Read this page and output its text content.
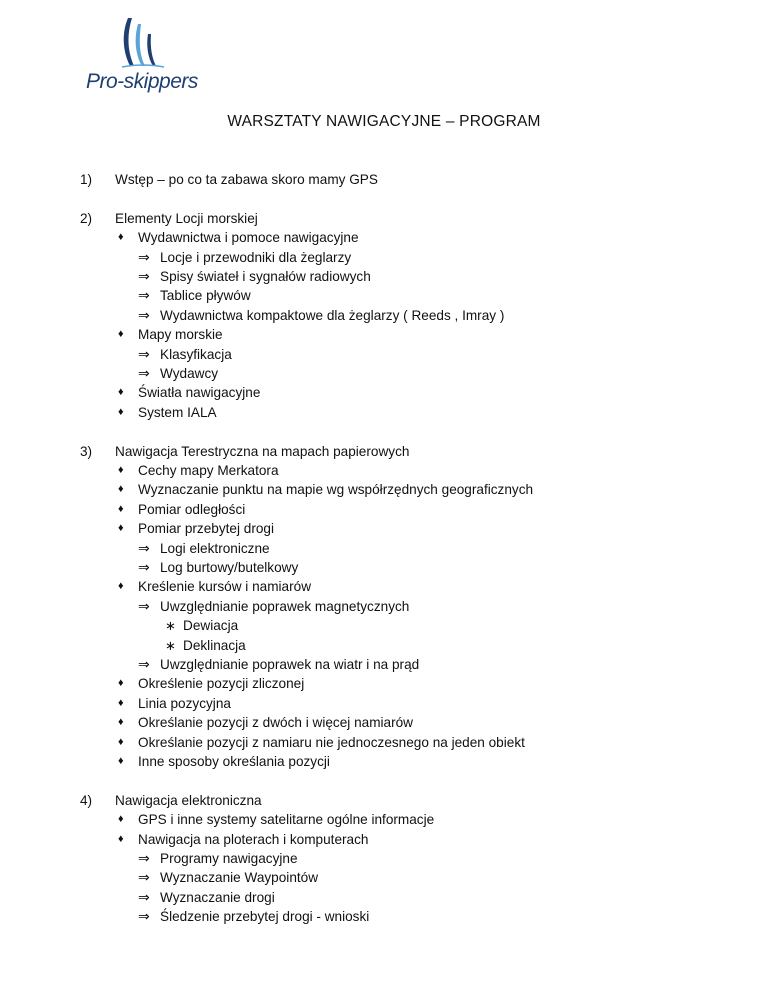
Pro-skippers
WARSZTATY NAWIGACYJNE – PROGRAM
1) Wstęp – po co ta zabawa skoro mamy GPS
2) Elementy Locji morskiej
♦ Wydawnictwa i pomoce nawigacyjne
⇒ Locje i przewodniki dla żeglarzy
⇒ Spisy świateł i sygnałów radiowych
⇒ Tablice pływów
⇒ Wydawnictwa kompaktowe dla żeglarzy ( Reeds , Imray )
♦ Mapy morskie
⇒ Klasyfikacja
⇒ Wydawcy
♦ Światła nawigacyjne
♦ System IALA
3) Nawigacja Terestryczna na mapach papierowych
♦ Cechy mapy Merkatora
♦ Wyznaczanie punktu na mapie wg współrzędnych geograficznych
♦ Pomiar odległości
♦ Pomiar przebytej drogi
⇒ Logi elektroniczne
⇒ Log burtowy/butelkowy
♦ Kreślenie kursów i namiarów
⇒ Uwzględnianie poprawek magnetycznych
∗ Dewiacja
∗ Deklinacja
⇒ Uwzględnianie poprawek na wiatr i na prąd
♦ Określenie pozycji zliczonej
♦ Linia pozycyjna
♦ Określanie pozycji z dwóch i więcej namiarów
♦ Określanie pozycji z namiaru nie jednoczesnego na jeden obiekt
♦ Inne sposoby określania pozycji
4) Nawigacja elektroniczna
♦ GPS i inne systemy satelitarne ogólne informacje
♦ Nawigacja na ploterach i komputerach
⇒ Programy nawigacyjne
⇒ Wyznaczanie Waypointów
⇒ Wyznaczanie drogi
⇒ Śledzenie przebytej drogi - wnioski
